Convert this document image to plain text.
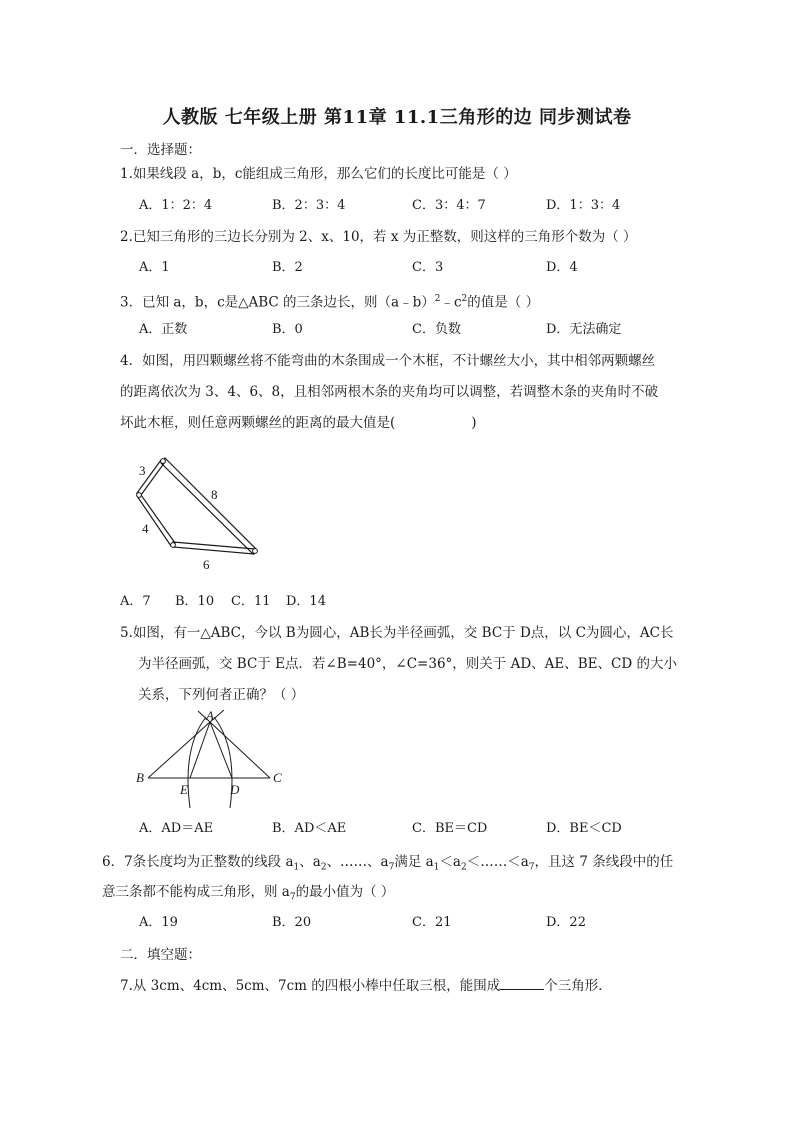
人教版 七年级上册 第11章 11.1三角形的边 同步测试卷
一．选择题：
1.如果线段 a，b，c能组成三角形，那么它们的长度比可能是（ ）
A．1：2：4	B．2：3：4	C．3：4：7	D．1：3：4
2.已知三角形的三边长分别为 2、x、10，若 x 为正整数，则这样的三角形个数为（ ）
A．1	B．2	C．3	D．4
3．已知 a，b，c是△ABC 的三条边长，则$(a﹣b)^2﹣c^2$的值是（ ）
A．正数	B．0	C．负数	D．无法确定
4．如图，用四颗螺丝将不能弯曲的木条围成一个木框，不计螺丝大小，其中相邻两颗螺丝
的距离依次为 3、4、6、8，且相邻两根木条的夹角均可以调整，若调整木条的夹角时不破
坏此木框，则任意两颗螺丝的距离的最大值是(	)
3
8
4
6
A．7 B．10 C．11 D．14
5.如图，有一△ABC，今以 B为圆心，AB长为半径画弧，交 BC于 D点，以 C为圆心，AC长
为半径画弧，交 BC于 E点．若∠B=40°，∠C=36°，则关于 AD、AE、BE、CD 的大小
关系，下列何者正确？（ ）
A
B	C
E	D
A．AD＝AE	B．AD＜AE	C．BE＝CD	D．BE＜CD
6．7条长度均为正整数的线段 $a_1$、$a_2$、……、$a_7$满足 $a_1<a_2<\dots\dots<a_7$，且这 7 条线段中的任
意三条都不能构成三角形，则 $a_7$的最小值为（ ）
A．19	B．20	C．21	D．22
二．填空题：
7.从 3cm、4cm、5cm、7cm 的四根小棒中任取三根，能围成	个三角形．
